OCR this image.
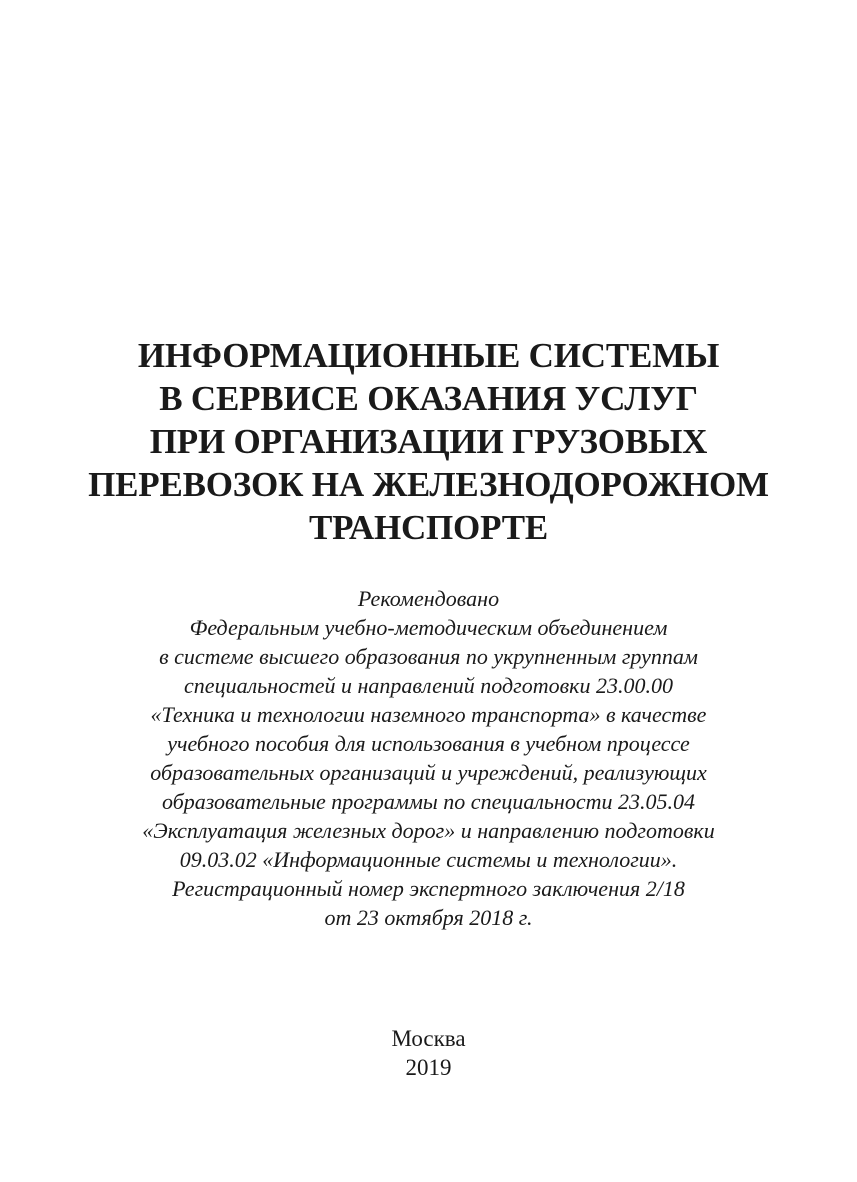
ИНФОРМАЦИОННЫЕ СИСТЕМЫ
В СЕРВИСЕ ОКАЗАНИЯ УСЛУГ
ПРИ ОРГАНИЗАЦИИ ГРУЗОВЫХ
ПЕРЕВОЗОК НА ЖЕЛЕЗНОДОРОЖНОМ
ТРАНСПОРТЕ
Рекомендовано
Федеральным учебно-методическим объединением
в системе высшего образования по укрупненным группам
специальностей и направлений подготовки 23.00.00
«Техника и технологии наземного транспорта» в качестве
учебного пособия для использования в учебном процессе
образовательных организаций и учреждений, реализующих
образовательные программы по специальности 23.05.04
«Эксплуатация железных дорог» и направлению подготовки
09.03.02 «Информационные системы и технологии».
Регистрационный номер экспертного заключения 2/18
от 23 октября 2018 г.
Москва
2019
